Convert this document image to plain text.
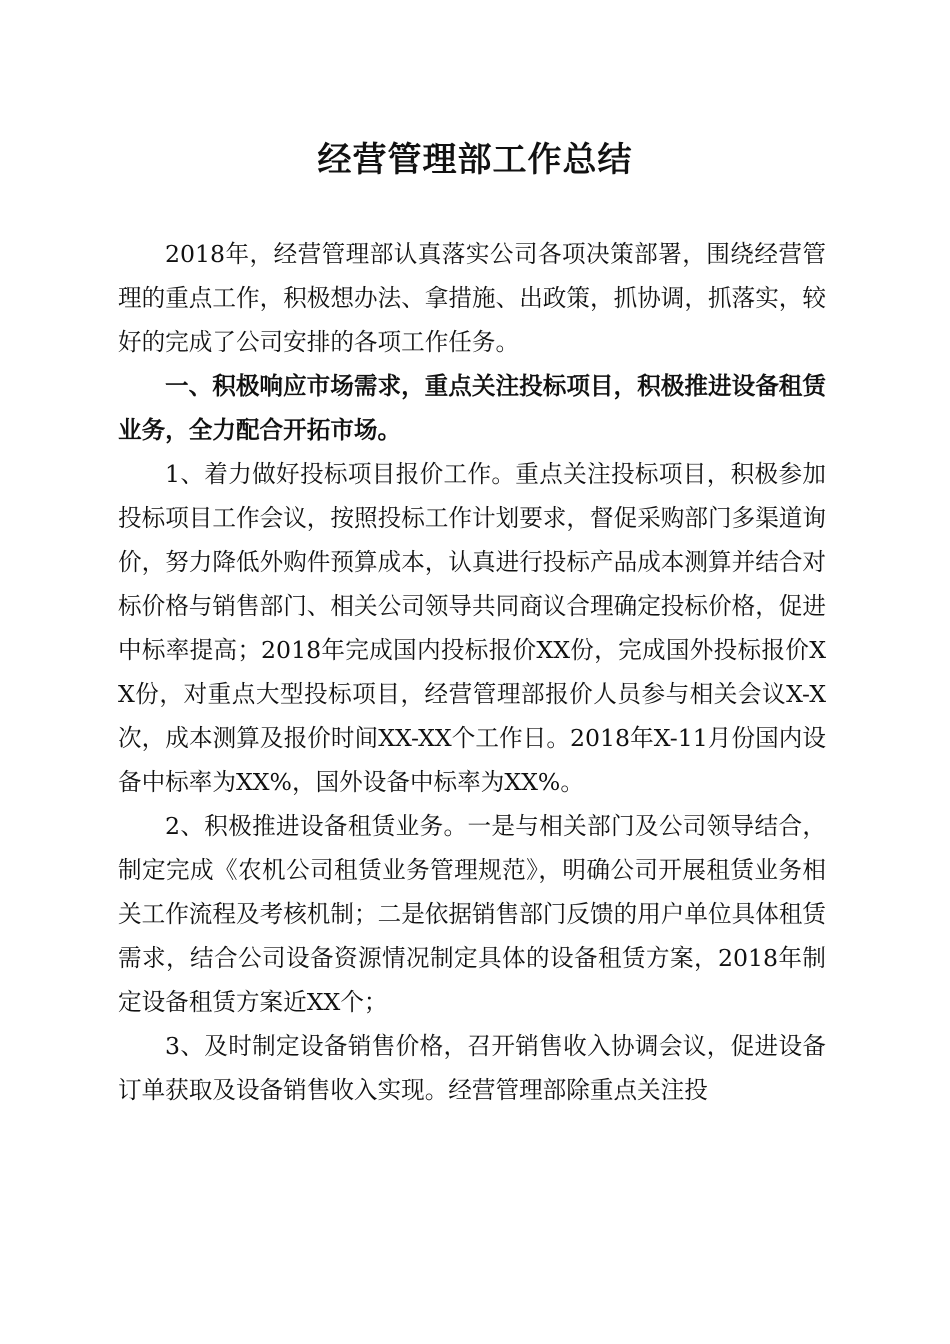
经营管理部工作总结

2018年，经营管理部认真落实公司各项决策部署，围绕经营管理的重点工作，积极想办法、拿措施、出政策，抓协调，抓落实，较好的完成了公司安排的各项工作任务。

一、积极响应市场需求，重点关注投标项目，积极推进设备租赁业务，全力配合开拓市场。

1、着力做好投标项目报价工作。重点关注投标项目，积极参加投标项目工作会议，按照投标工作计划要求，督促采购部门多渠道询价，努力降低外购件预算成本，认真进行投标产品成本测算并结合对标价格与销售部门、相关公司领导共同商议合理确定投标价格，促进中标率提高；2018年完成国内投标报价XX份，完成国外投标报价XX份，对重点大型投标项目，经营管理部报价人员参与相关会议X-X次，成本测算及报价时间XX-XX个工作日。2018年X-11月份国内设备中标率为XX%，国外设备中标率为XX%。

2、积极推进设备租赁业务。一是与相关部门及公司领导结合，制定完成《农机公司租赁业务管理规范》，明确公司开展租赁业务相关工作流程及考核机制；二是依据销售部门反馈的用户单位具体租赁需求，结合公司设备资源情况制定具体的设备租赁方案，2018年制定设备租赁方案近XX个；

3、及时制定设备销售价格，召开销售收入协调会议，促进设备订单获取及设备销售收入实现。经营管理部除重点关注投
